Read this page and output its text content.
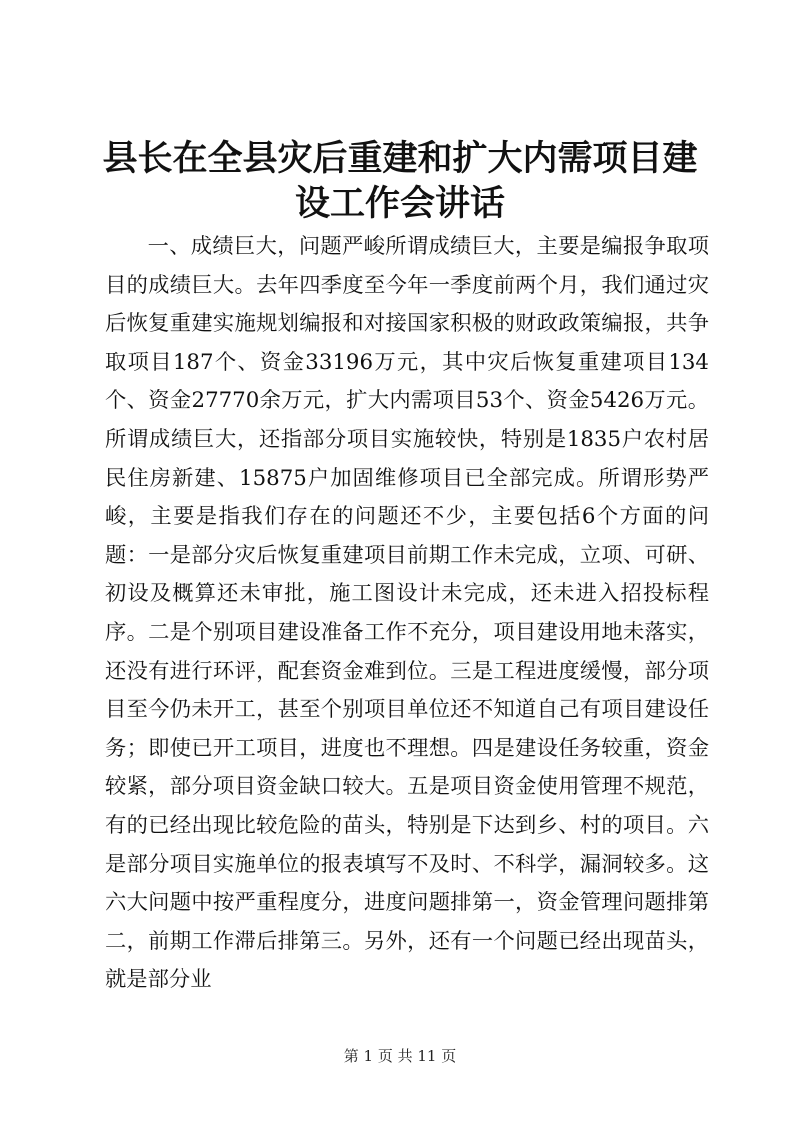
县长在全县灾后重建和扩大内需项目建设工作会讲话

一、成绩巨大，问题严峻所谓成绩巨大，主要是编报争取项目的成绩巨大。去年四季度至今年一季度前两个月，我们通过灾后恢复重建实施规划编报和对接国家积极的财政政策编报，共争取项目187个、资金33196万元，其中灾后恢复重建项目134个、资金27770余万元，扩大内需项目53个、资金5426万元。所谓成绩巨大，还指部分项目实施较快，特别是1835户农村居民住房新建、15875户加固维修项目已全部完成。所谓形势严峻，主要是指我们存在的问题还不少，主要包括6个方面的问题：一是部分灾后恢复重建项目前期工作未完成，立项、可研、初设及概算还未审批，施工图设计未完成，还未进入招投标程序。二是个别项目建设准备工作不充分，项目建设用地未落实，还没有进行环评，配套资金难到位。三是工程进度缓慢，部分项目至今仍未开工，甚至个别项目单位还不知道自己有项目建设任务；即使已开工项目，进度也不理想。四是建设任务较重，资金较紧，部分项目资金缺口较大。五是项目资金使用管理不规范，有的已经出现比较危险的苗头，特别是下达到乡、村的项目。六是部分项目实施单位的报表填写不及时、不科学，漏洞较多。这六大问题中按严重程度分，进度问题排第一，资金管理问题排第二，前期工作滞后排第三。另外，还有一个问题已经出现苗头，就是部分业

第 1 页 共 11 页
